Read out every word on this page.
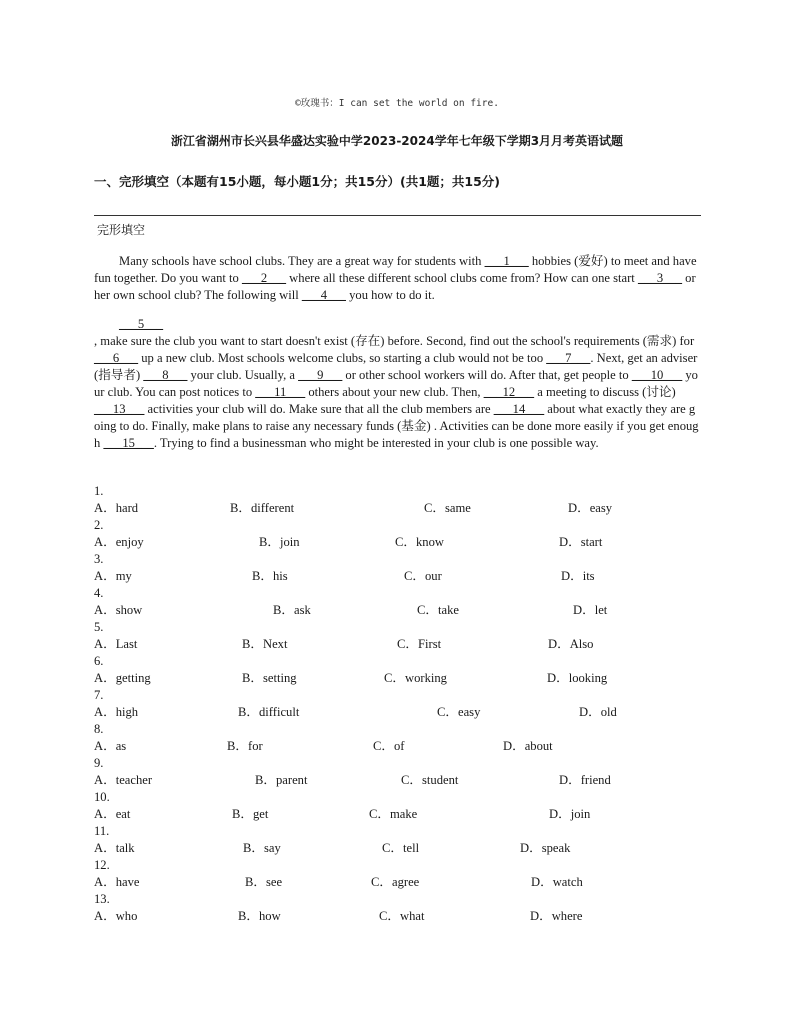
©玫瑰书：I can set the world on fire.
浙江省湖州市长兴县华盛达实验中学2023-2024学年七年级下学期3月月考英语试题
一、完形填空（本题有15小题，每小题1分；共15分）(共1题；共15分)
完形填空

Many schools have school clubs. They are a great way for students with ___1___ hobbies (爱好) to meet and have fun together. Do you want to ___2___ where all these different school clubs come from? How can one start ___3___ or her own school club? The following will ___4___ you how to do it.

___5___
, make sure the club you want to start doesn't exist (存在) before. Second, find out the school's requirements (需求) for ___6___ up a new club. Most schools welcome clubs, so starting a club would not be too ___7___. Next, get an adviser (指导者) ___8___ your club. Usually, a ___9___ or other school workers will do. After that, get people to ___10___ your club. You can post notices to ___11___ others about your new club. Then, ___12___ a meeting to discuss (讨论) ___13___ activities your club will do. Make sure that all the club members are ___14___ about what exactly they are going to do. Finally, make plans to raise any necessary funds (基金) . Activities can be done more easily if you get enough ___15___. Trying to find a businessman who might be interested in your club is one possible way.

1.
A．hard	B．different	C．same	D．easy
2.
A．enjoy	B．join	C．know	D．start
3.
A．my	B．his	C．our	D．its
4.
A．show	B．ask	C．take	D．let
5.
A．Last	B．Next	C．First	D．Also
6.
A．getting	B．setting	C．working	D．looking
7.
A．high	B．difficult	C．easy	D．old
8.
A．as	B．for	C．of	D．about
9.
A．teacher	B．parent	C．student	D．friend
10.
A．eat	B．get	C．make	D．join
11.
A．talk	B．say	C．tell	D．speak
12.
A．have	B．see	C．agree	D．watch
13.
A．who	B．how	C．what	D．where
